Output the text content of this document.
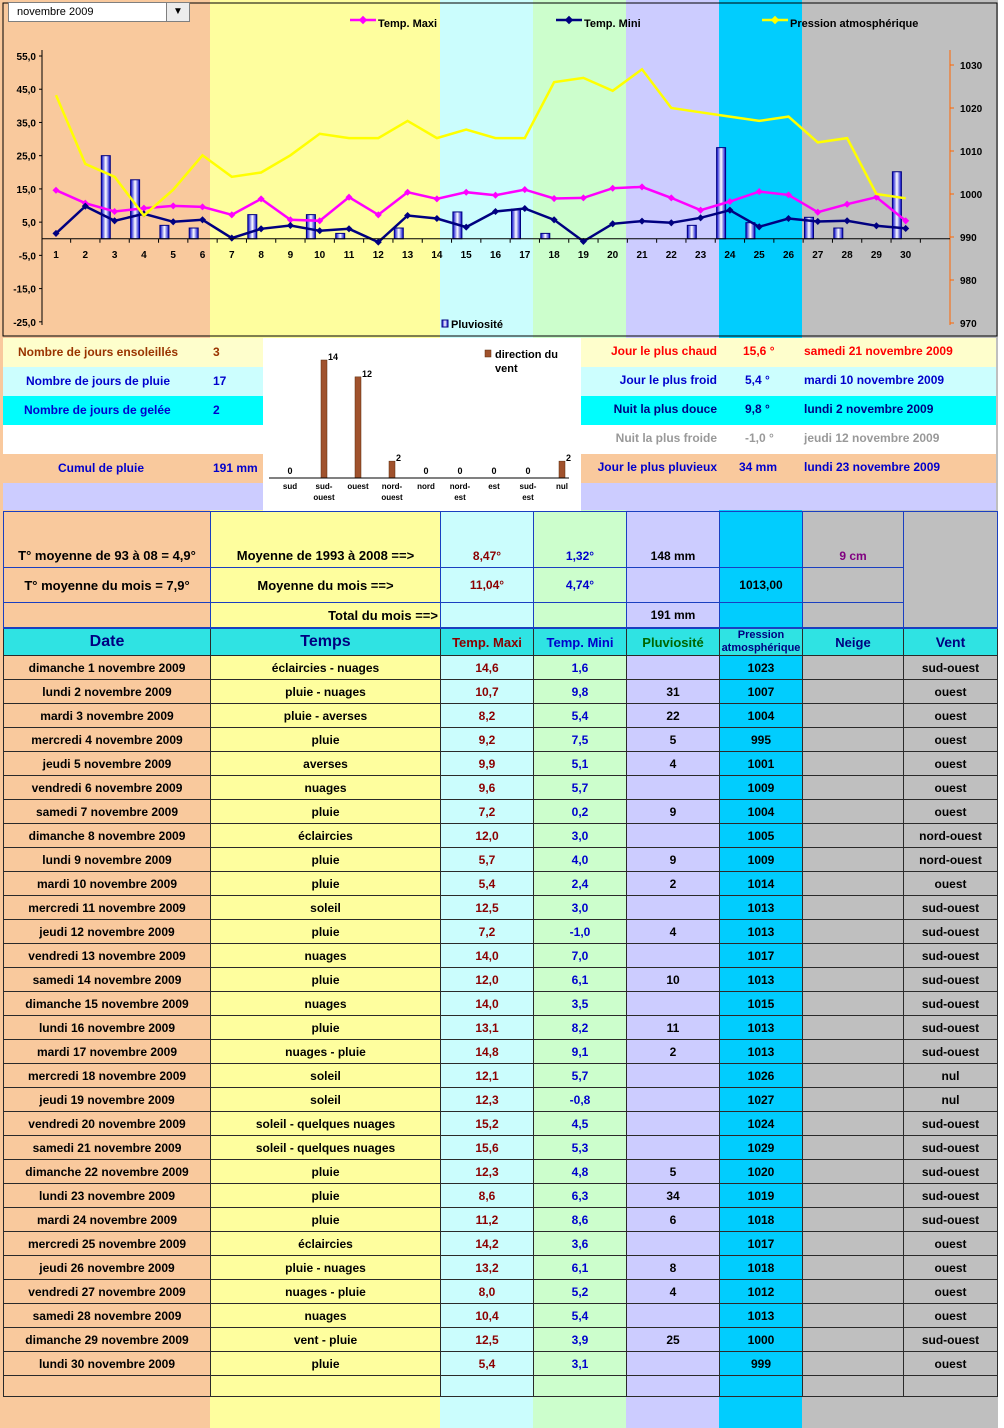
55,0
45,0
35,0
25,0
15,0
5,0
-5,0
-15,0
-25,0
1030
1020
1010
1000
990
980
970
1 2 3 4 5 6 7 8 9 10 11 12 13 14 15 16 17 18 19 20 21 22 23 24 25 26 27 28 29 30
Temp. Maxi	Temp. Mini	Pression atmosphérique
Pluviosité
novembre 2009	▼
Nombre de jours ensoleillés	3
Nombre de jours de pluie	17
Nombre de jours de gelée	2
Cumul de pluie	191 mm
Jour le plus chaud 15,6 ° samedi 21 novembre 2009
Jour le plus froid 5,4 °	mardi 10 novembre 2009
Nuit la plus douce 9,8 °	lundi 2 novembre 2009
Nuit la plus froide -1,0 °	jeudi 12 novembre 2009
Jour le plus pluvieux 34 mm lundi 23 novembre 2009
0
14
12
2
0	0	0	0
2
sud sud-
ouest
ouest nord-
ouest
nord nord-
est
est sud-
est
nul
direction du
vent
T° moyenne de 93 à 08 = 4,9°	Moyenne de 1993 à 2008 ==>	8,47°	1,32°	148 mm		9 cm	
T° moyenne du mois = 7,9°	Moyenne du mois ==>	11,04°	4,74°		1013,00		
	Total du mois ==>			191 mm			
Date	Temps	Temp. Maxi	Temp. Mini	Pluviosité	Pression atmosphérique	Neige	Vent
dimanche 1 novembre 2009	éclaircies - nuages	14,6	1,6		1023		sud-ouest
lundi 2 novembre 2009	pluie - nuages	10,7	9,8	31	1007		ouest
mardi 3 novembre 2009	pluie - averses	8,2	5,4	22	1004		ouest
mercredi 4 novembre 2009	pluie	9,2	7,5	5	995		ouest
jeudi 5 novembre 2009	averses	9,9	5,1	4	1001		ouest
vendredi 6 novembre 2009	nuages	9,6	5,7		1009		ouest
samedi 7 novembre 2009	pluie	7,2	0,2	9	1004		ouest
dimanche 8 novembre 2009	éclaircies	12,0	3,0		1005		nord-ouest
lundi 9 novembre 2009	pluie	5,7	4,0	9	1009		nord-ouest
mardi 10 novembre 2009	pluie	5,4	2,4	2	1014		ouest
mercredi 11 novembre 2009	soleil	12,5	3,0		1013		sud-ouest
jeudi 12 novembre 2009	pluie	7,2	-1,0	4	1013		sud-ouest
vendredi 13 novembre 2009	nuages	14,0	7,0		1017		sud-ouest
samedi 14 novembre 2009	pluie	12,0	6,1	10	1013		sud-ouest
dimanche 15 novembre 2009	nuages	14,0	3,5		1015		sud-ouest
lundi 16 novembre 2009	pluie	13,1	8,2	11	1013		sud-ouest
mardi 17 novembre 2009	nuages - pluie	14,8	9,1	2	1013		sud-ouest
mercredi 18 novembre 2009	soleil	12,1	5,7		1026		nul
jeudi 19 novembre 2009	soleil	12,3	-0,8		1027		nul
vendredi 20 novembre 2009	soleil - quelques nuages	15,2	4,5		1024		sud-ouest
samedi 21 novembre 2009	soleil - quelques nuages	15,6	5,3		1029		sud-ouest
dimanche 22 novembre 2009	pluie	12,3	4,8	5	1020		sud-ouest
lundi 23 novembre 2009	pluie	8,6	6,3	34	1019		sud-ouest
mardi 24 novembre 2009	pluie	11,2	8,6	6	1018		sud-ouest
mercredi 25 novembre 2009	éclaircies	14,2	3,6		1017		ouest
jeudi 26 novembre 2009	pluie - nuages	13,2	6,1	8	1018		ouest
vendredi 27 novembre 2009	nuages - pluie	8,0	5,2	4	1012		ouest
samedi 28 novembre 2009	nuages	10,4	5,4		1013		ouest
dimanche 29 novembre 2009	vent - pluie	12,5	3,9	25	1000		sud-ouest
lundi 30 novembre 2009	pluie	5,4	3,1		999		ouest
